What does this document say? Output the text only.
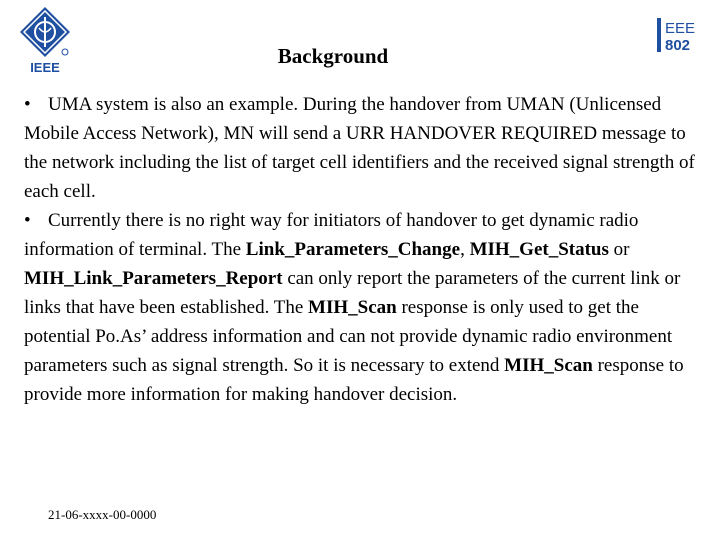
IEEE
EEE
802
Background

• UMA system is also an example. During the handover from UMAN (Unlicensed Mobile Access Network), MN will send a URR HANDOVER REQUIRED message to the network including the list of target cell identifiers and the received signal strength of each cell.

• Currently there is no right way for initiators of handover to get dynamic radio information of terminal. The Link_Parameters_Change, MIH_Get_Status or MIH_Link_Parameters_Report can only report the parameters of the current link or links that have been established. The MIH_Scan response is only used to get the potential Po.As’ address information and can not provide dynamic radio environment parameters such as signal strength. So it is necessary to extend MIH_Scan response to provide more information for making handover decision.

21-06-xxxx-00-0000
